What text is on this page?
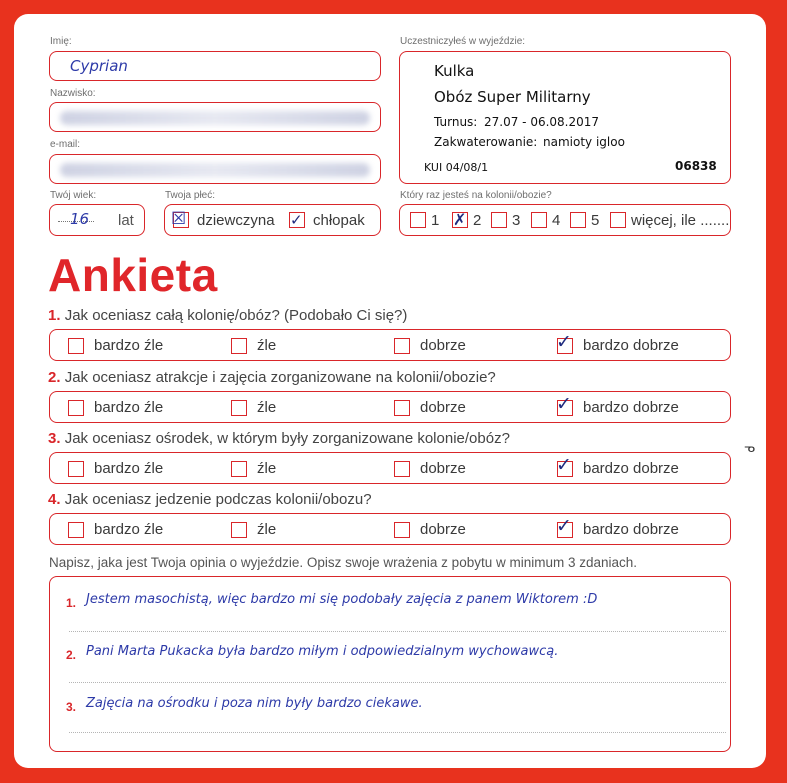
Imię:
Cyprian
Nazwisko:
e-mail:
Twój wiek:
16 lat
Twoja płeć:
☒ dziewczyna ✓ chłopak
Uczestniczyłeś w wyjeździe:
Kulka
Obóz Super Militarny
Turnus: 27.07 - 06.08.2017
Zakwaterowanie: namioty igloo
KUI 04/08/1	06838
Który raz jesteś na kolonii/obozie?
1 ✗ 2 3 4 5 więcej, ile .......
Ankieta
ᓀ
1. Jak oceniasz całą kolonię/obóz? (Podobało Ci się?)
bardzo źle	źle	dobrze	✓ bardzo dobrze
2. Jak oceniasz atrakcje i zajęcia zorganizowane na kolonii/obozie?
bardzo źle	źle	dobrze	✓ bardzo dobrze
3. Jak oceniasz ośrodek, w którym były zorganizowane kolonie/obóz?
bardzo źle	źle	dobrze	✓ bardzo dobrze
4. Jak oceniasz jedzenie podczas kolonii/obozu?
bardzo źle	źle	dobrze	✓ bardzo dobrze
Napisz, jaka jest Twoja opinia o wyjeździe. Opisz swoje wrażenia z pobytu w minimum 3 zdaniach.
1. Jestem masochistą, więc bardzo mi się podobały zajęcia z panem Wiktorem :D
2. Pani Marta Pukacka była bardzo miłym i odpowiedzialnym wychowawcą.
3. Zajęcia na ośrodku i poza nim były bardzo ciekawe.
